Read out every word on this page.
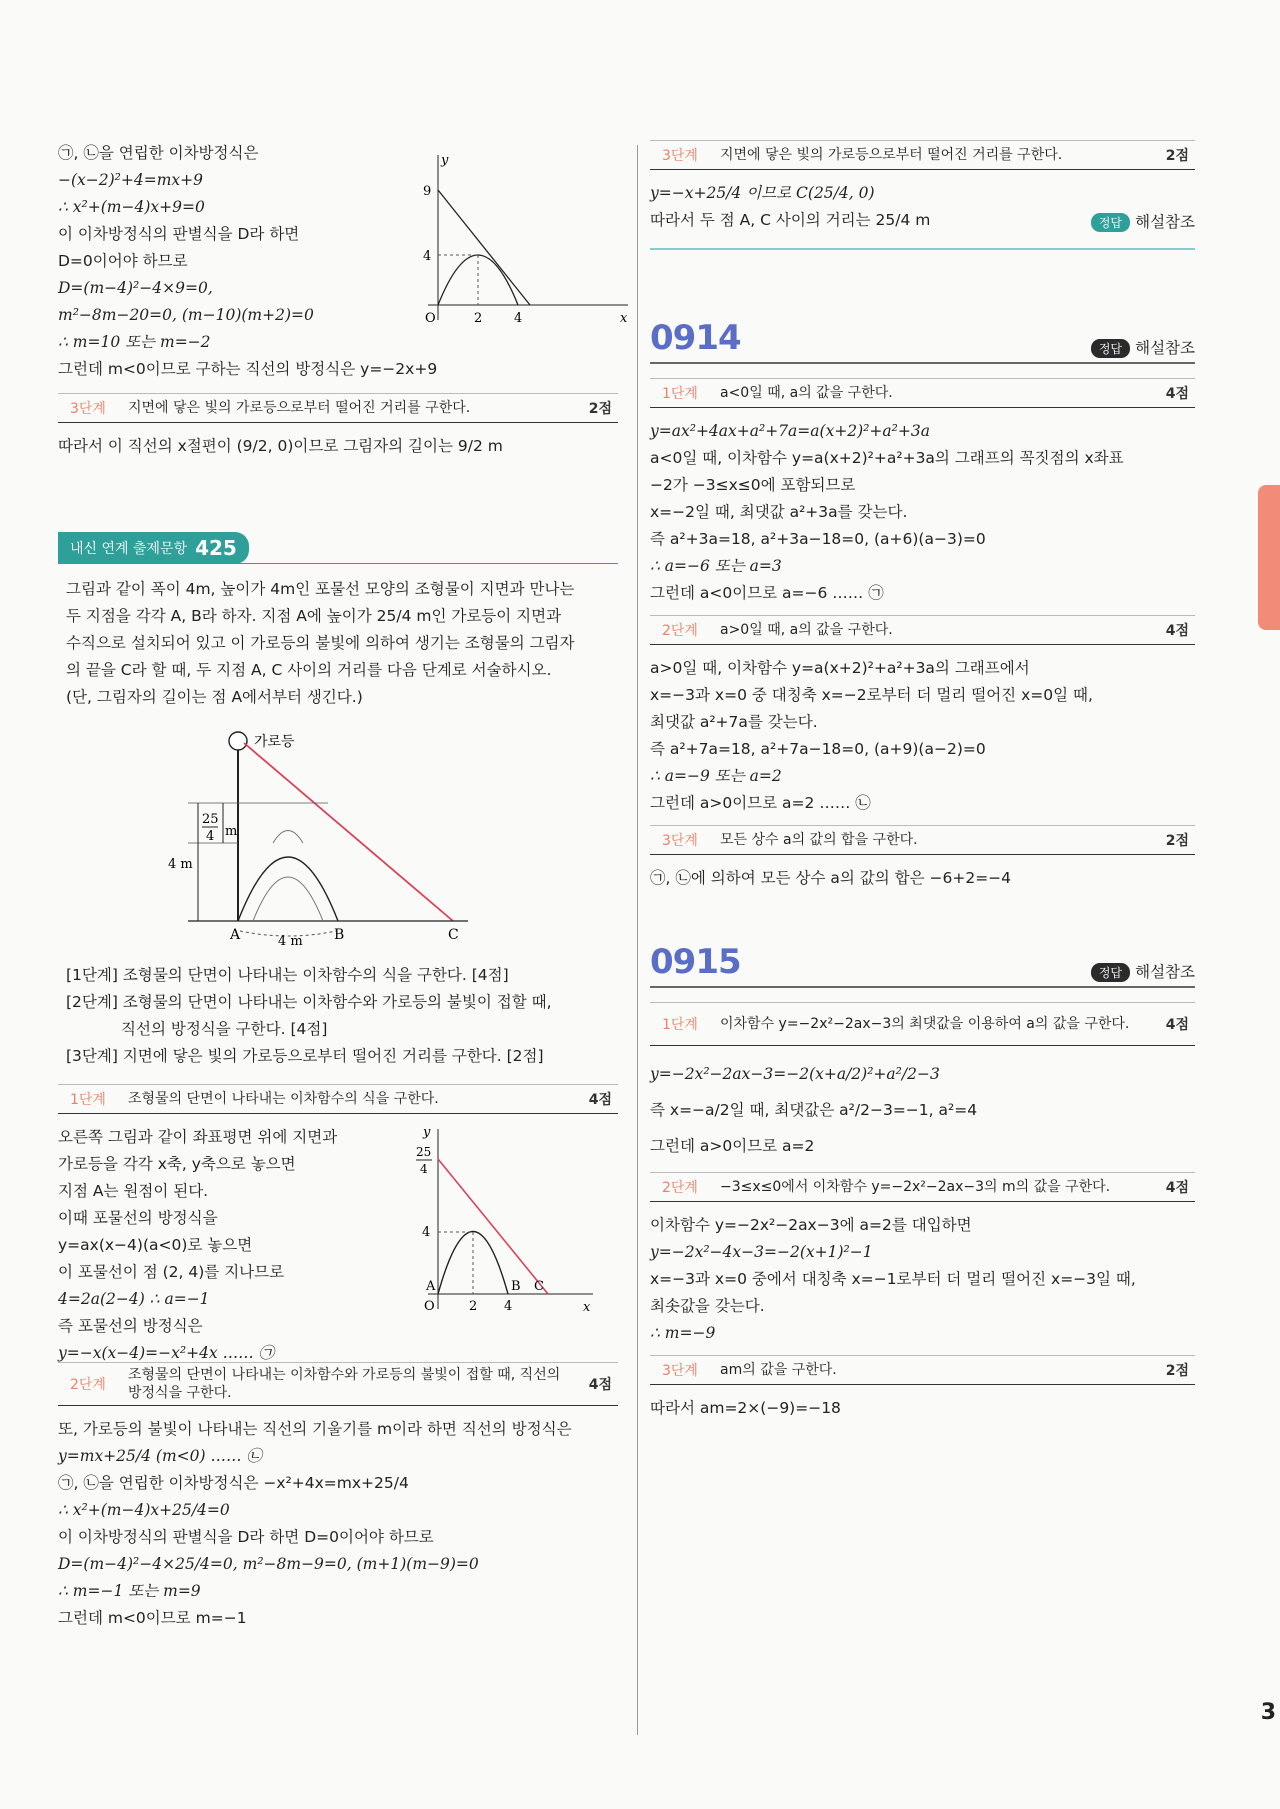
3
㉠, ㉡을 연립한 이차방정식은
−(x−2)²+4=mx+9
∴ x²+(m−4)x+9=0
이 이차방정식의 판별식을 D라 하면
D=0이어야 하므로
D=(m−4)²−4×9=0,
m²−8m−20=0, (m−10)(m+2)=0
∴ m=10 또는 m=−2
y
x
9
4
O	2 4
그런데 m<0이므로 구하는 직선의 방정식은 y=−2x+9
3단계	지면에 닿은 빛의 가로등으로부터 떨어진 거리를 구한다.	2점
따라서 이 직선의 x절편이 (9/2, 0)이므로 그림자의 길이는 9/2 m
내신 연계 출제문항 425
그림과 같이 폭이 4m, 높이가 4m인 포물선 모양의 조형물이 지면과 만나는
두 지점을 각각 A, B라 하자. 지점 A에 높이가 25/4 m인 가로등이 지면과
수직으로 설치되어 있고 이 가로등의 불빛에 의하여 생기는 조형물의 그림자
의 끝을 C라 할 때, 두 지점 A, C 사이의 거리를 다음 단계로 서술하시오.
(단, 그림자의 길이는 점 A에서부터 생긴다.)
가로등
25
4 m
4 m
A	B	C
4 m
[1단계] 조형물의 단면이 나타내는 이차함수의 식을 구한다. [4점]
[2단계] 조형물의 단면이 나타내는 이차함수와 가로등의 불빛이 접할 때,
직선의 방정식을 구한다. [4점]
[3단계] 지면에 닿은 빛의 가로등으로부터 떨어진 거리를 구한다. [2점]
1단계	조형물의 단면이 나타내는 이차함수의 식을 구한다.	4점
오른쪽 그림과 같이 좌표평면 위에 지면과
가로등을 각각 x축, y축으로 놓으면
지점 A는 원점이 된다.
이때 포물선의 방정식을
y=ax(x−4)(a<0)로 놓으면
이 포물선이 점 (2, 4)를 지나므로
4=2a(2−4) ∴ a=−1
즉 포물선의 방정식은
y=−x(x−4)=−x²+4x …… ㉠
y
x
25
4
4
O	2 4
A	B C
2단계
조형물의 단면이 나타내는 이차함수와 가로등의 불빛이 접할 때, 직선의 방정식을 구한다.	4점
또, 가로등의 불빛이 나타내는 직선의 기울기를 m이라 하면 직선의 방정식은
y=mx+25/4 (m<0) …… ㉡
㉠, ㉡을 연립한 이차방정식은 −x²+4x=mx+25/4
∴ x²+(m−4)x+25/4=0
이 이차방정식의 판별식을 D라 하면 D=0이어야 하므로
D=(m−4)²−4×25/4=0, m²−8m−9=0, (m+1)(m−9)=0
∴ m=−1 또는 m=9
그런데 m<0이므로 m=−1
3단계	지면에 닿은 빛의 가로등으로부터 떨어진 거리를 구한다.	2점
y=−x+25/4 이므로 C(25/4, 0)
따라서 두 점 A, C 사이의 거리는 25/4 m	정답 해설참조
0914	정답 해설참조
1단계	a<0일 때, a의 값을 구한다.	4점
y=ax²+4ax+a²+7a=a(x+2)²+a²+3a
a<0일 때, 이차함수 y=a(x+2)²+a²+3a의 그래프의 꼭짓점의 x좌표
−2가 −3≤x≤0에 포함되므로
x=−2일 때, 최댓값 a²+3a를 갖는다.
즉 a²+3a=18, a²+3a−18=0, (a+6)(a−3)=0
∴ a=−6 또는 a=3
그런데 a<0이므로 a=−6 …… ㉠
2단계	a>0일 때, a의 값을 구한다.	4점
a>0일 때, 이차함수 y=a(x+2)²+a²+3a의 그래프에서
x=−3과 x=0 중 대칭축 x=−2로부터 더 멀리 떨어진 x=0일 때,
최댓값 a²+7a를 갖는다.
즉 a²+7a=18, a²+7a−18=0, (a+9)(a−2)=0
∴ a=−9 또는 a=2
그런데 a>0이므로 a=2 …… ㉡
3단계	모든 상수 a의 값의 합을 구한다.	2점
㉠, ㉡에 의하여 모든 상수 a의 값의 합은 −6+2=−4
0915	정답 해설참조
1단계	이차함수 y=−2x²−2ax−3의 최댓값을 이용하여 a의 값을 구한다.	4점
y=−2x²−2ax−3=−2(x+a/2)²+a²/2−3
즉 x=−a/2일 때, 최댓값은 a²/2−3=−1, a²=4
그런데 a>0이므로 a=2
2단계	−3≤x≤0에서 이차함수 y=−2x²−2ax−3의 m의 값을 구한다.	4점
이차함수 y=−2x²−2ax−3에 a=2를 대입하면
y=−2x²−4x−3=−2(x+1)²−1
x=−3과 x=0 중에서 대칭축 x=−1로부터 더 멀리 떨어진 x=−3일 때,
최솟값을 갖는다.
∴ m=−9
3단계	am의 값을 구한다.	2점
따라서 am=2×(−9)=−18
